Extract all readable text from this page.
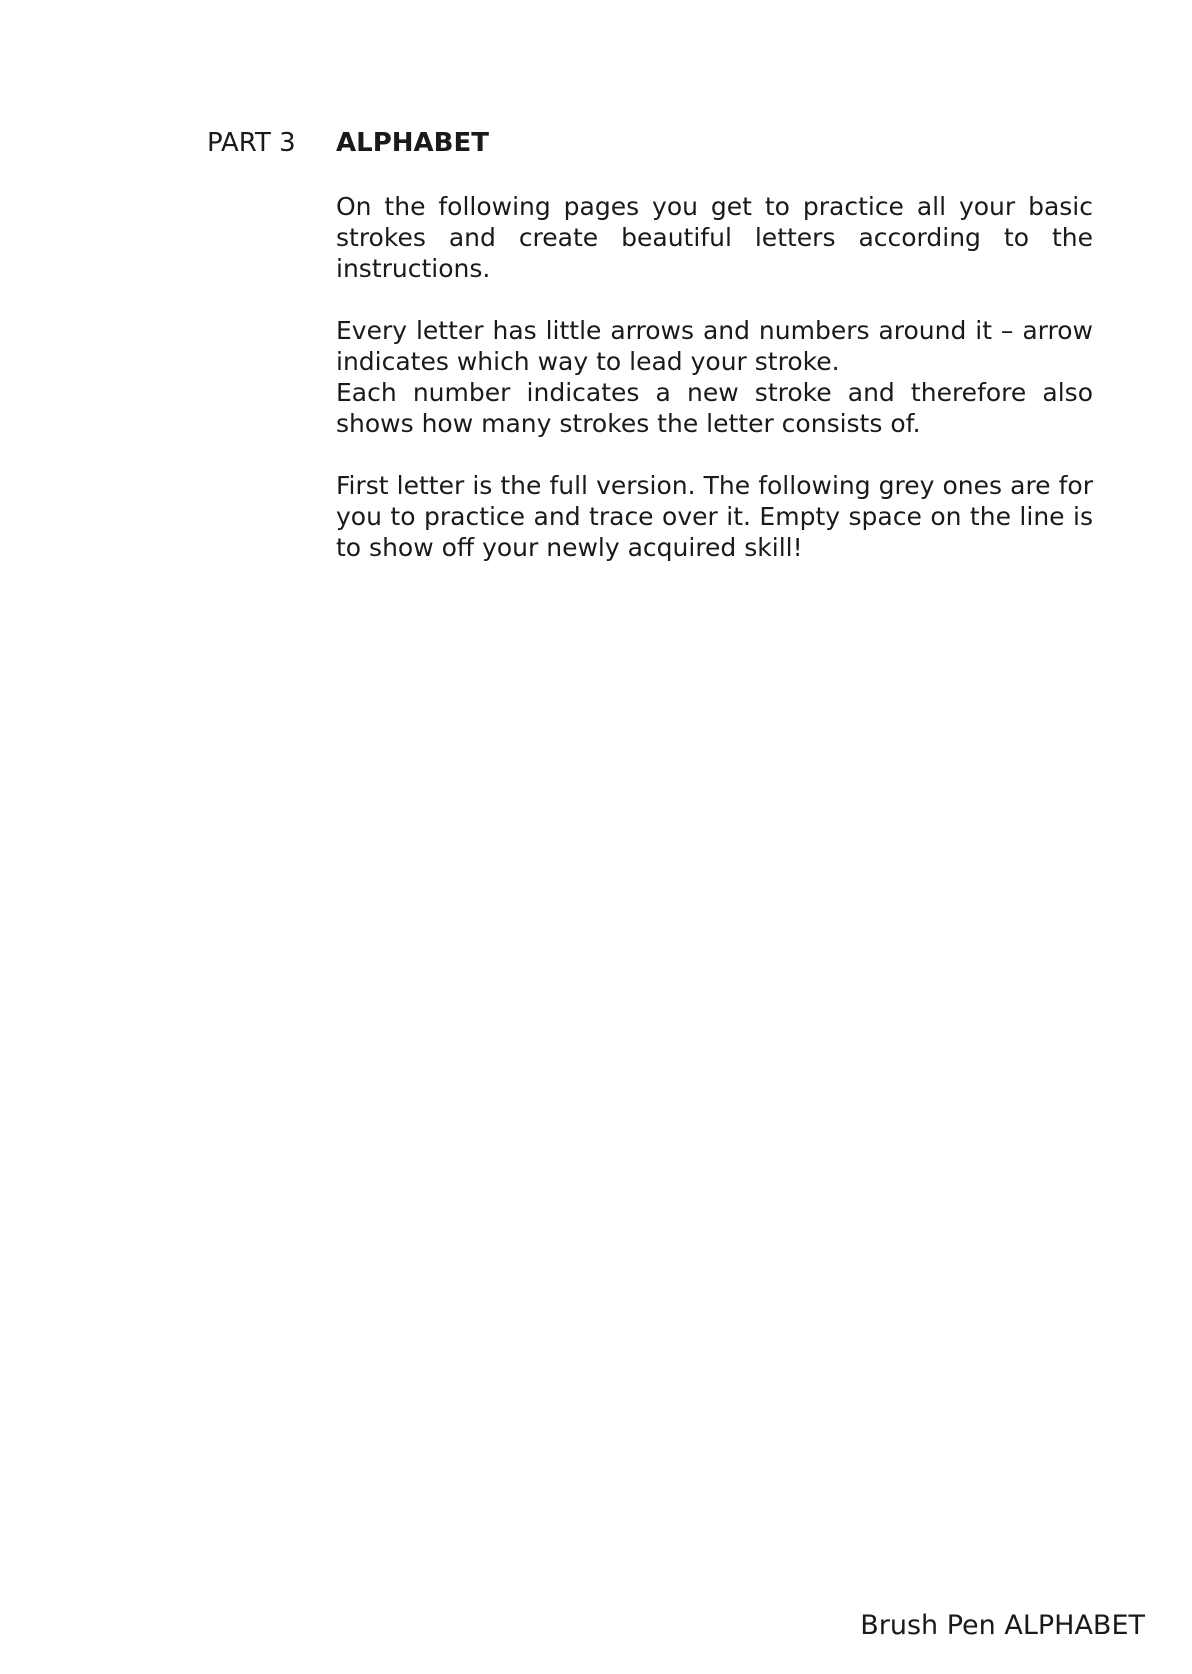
PART 3 ALPHABET

On the following pages you get to practice all your basic strokes and create beautiful letters according to the instructions.

Every letter has little arrows and numbers around it – arrow indicates which way to lead your stroke.
Each number indicates a new stroke and therefore also shows how many strokes the letter consists of.

First letter is the full version. The following grey ones are for you to practice and trace over it. Empty space on the line is to show off your newly acquired skill!

Brush Pen ALPHABET
